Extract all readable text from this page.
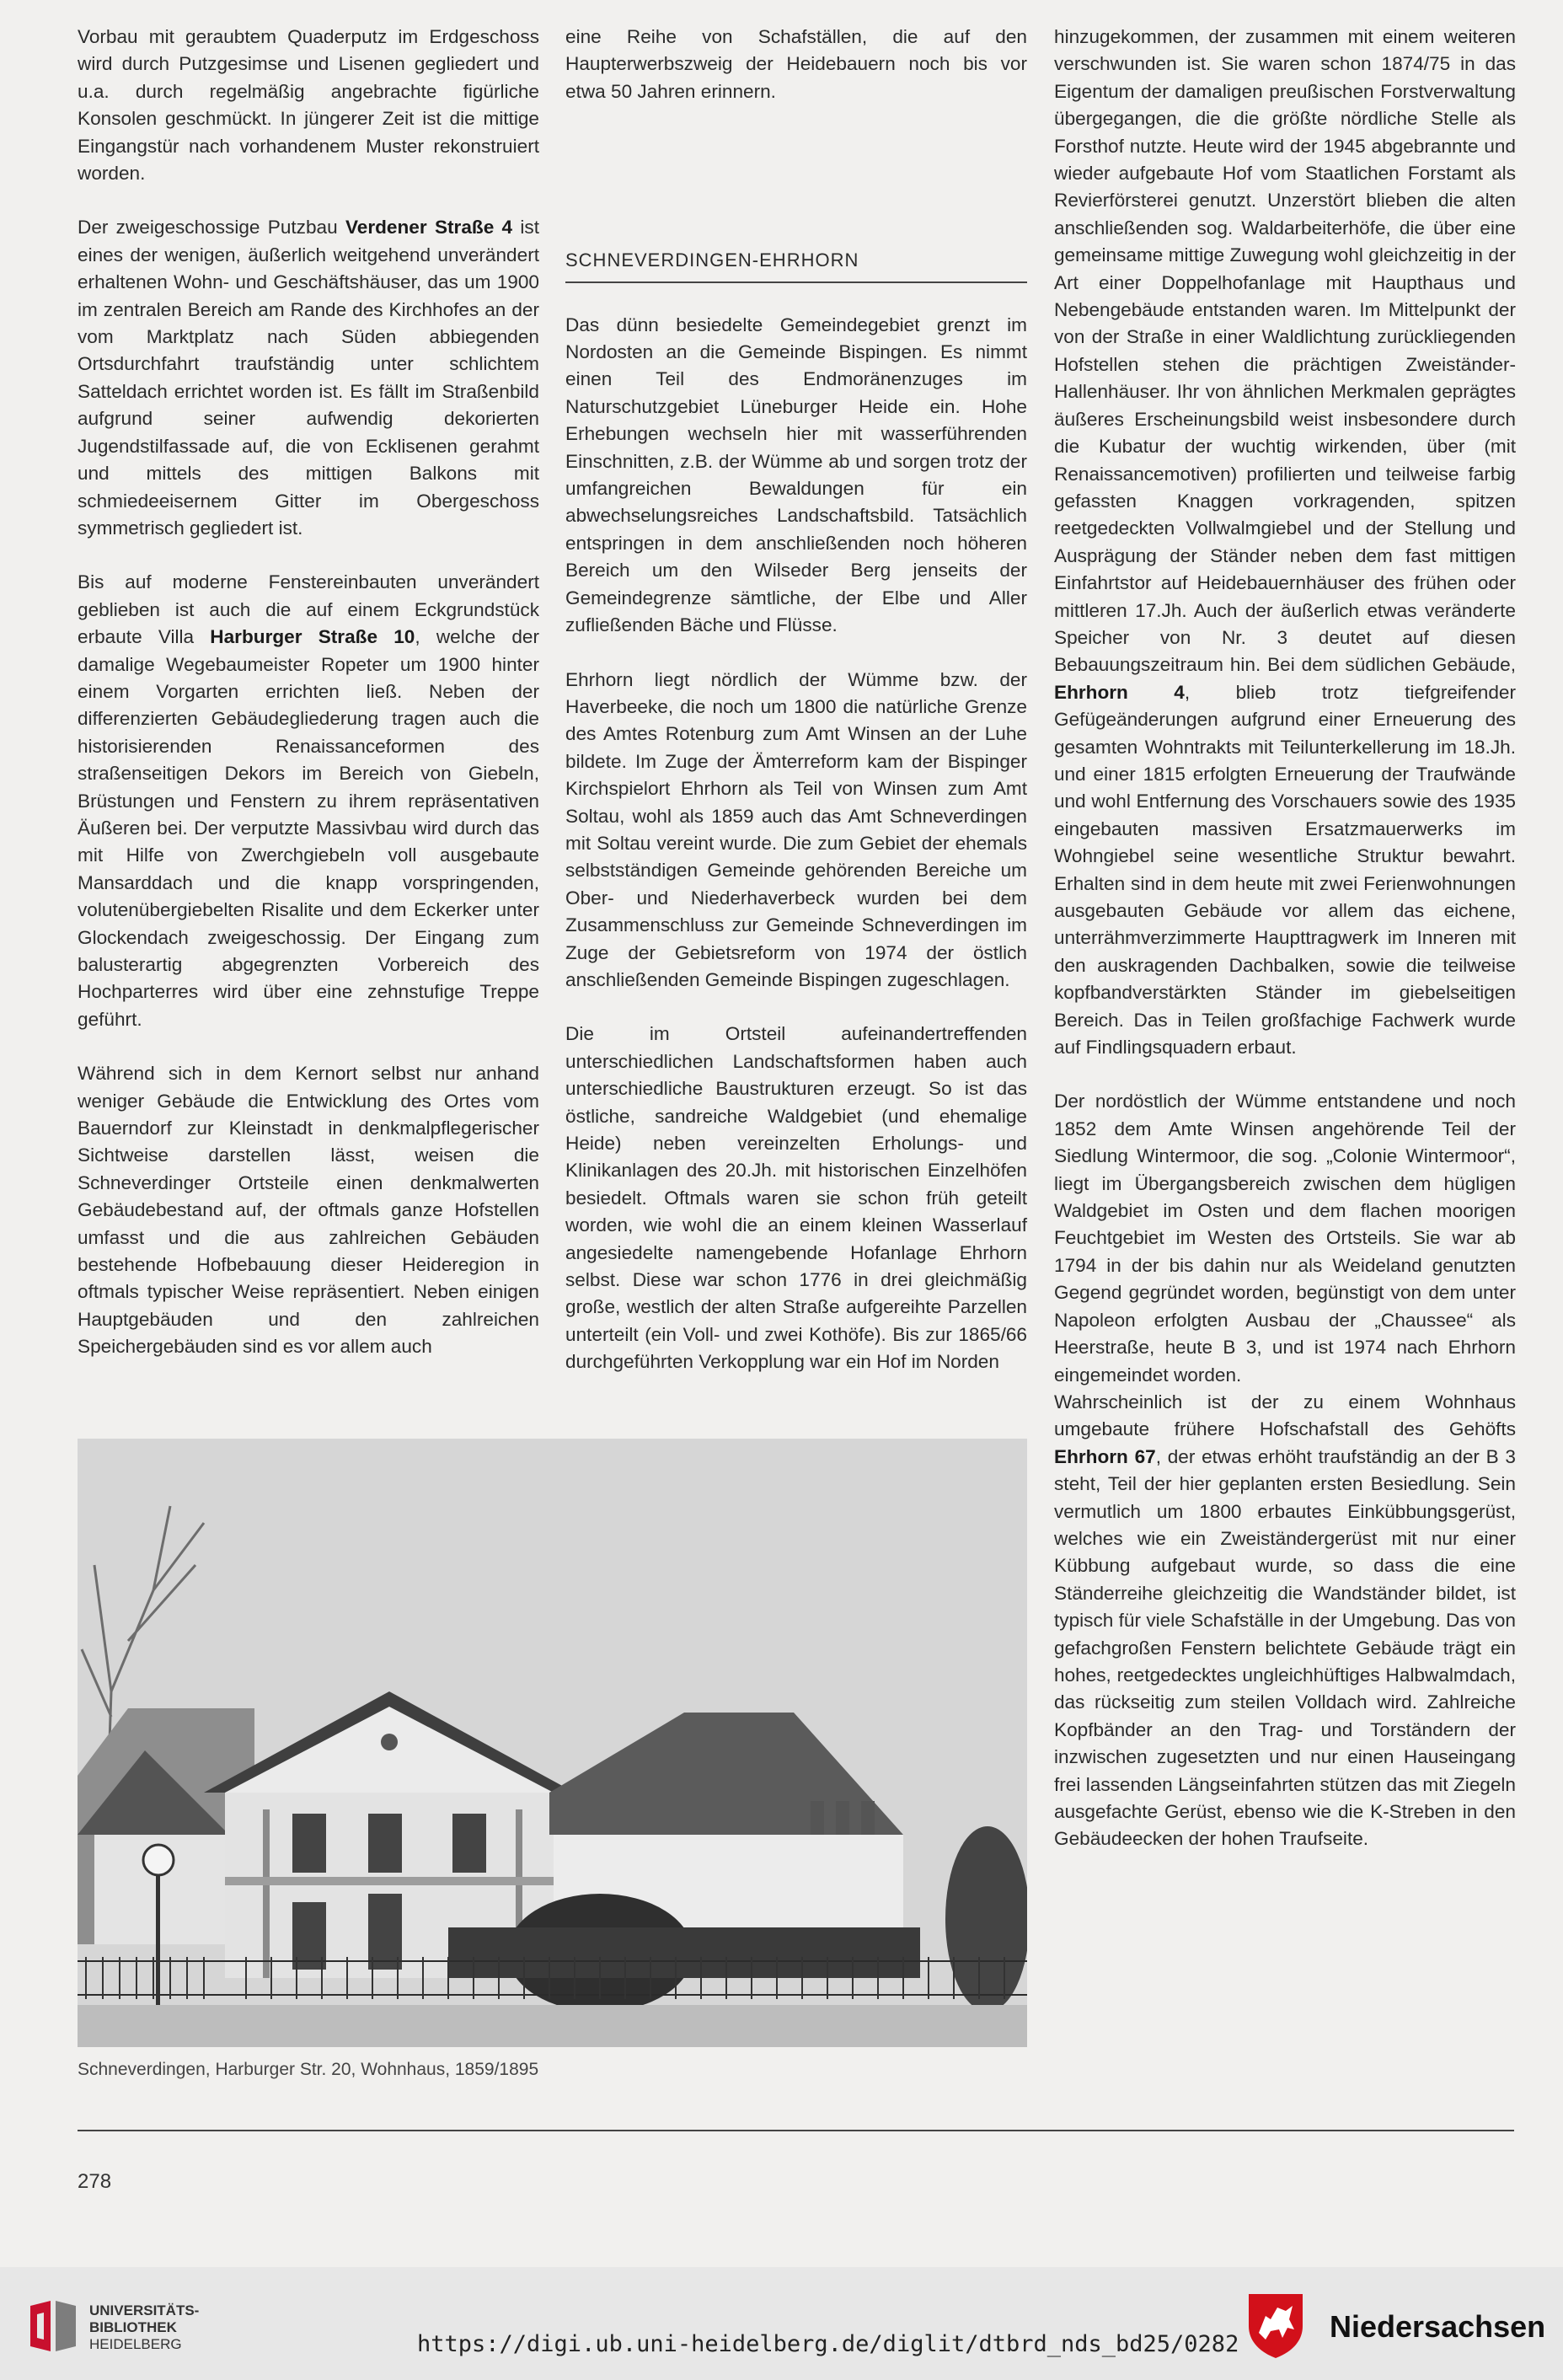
Vorbau mit geraubtem Quaderputz im Erdgeschoss wird durch Putzgesimse und Lisenen gegliedert und u.a. durch regelmäßig angebrachte figürliche Konsolen geschmückt. In jüngerer Zeit ist die mittige Eingangstür nach vorhandenem Muster rekonstruiert worden.

Der zweigeschossige Putzbau Verdener Straße 4 ist eines der wenigen, äußerlich weitgehend unverändert erhaltenen Wohn- und Geschäftshäuser, das um 1900 im zentralen Bereich am Rande des Kirchhofes an der vom Marktplatz nach Süden abbiegenden Ortsdurchfahrt traufständig unter schlichtem Satteldach errichtet worden ist. Es fällt im Straßenbild aufgrund seiner aufwendig dekorierten Jugendstilfassade auf, die von Ecklisenen gerahmt und mittels des mittigen Balkons mit schmiedeeisernem Gitter im Obergeschoss symmetrisch gegliedert ist.

Bis auf moderne Fenstereinbauten unverändert geblieben ist auch die auf einem Eckgrundstück erbaute Villa Harburger Straße 10, welche der damalige Wegebaumeister Ropeter um 1900 hinter einem Vorgarten errichten ließ. Neben der differenzierten Gebäudegliederung tragen auch die historisierenden Renaissanceformen des straßenseitigen Dekors im Bereich von Giebeln, Brüstungen und Fenstern zu ihrem repräsentativen Äußeren bei. Der verputzte Massivbau wird durch das mit Hilfe von Zwerchgiebeln voll ausgebaute Mansarddach und die knapp vorspringenden, volutenübergiebelten Risalite und dem Eckerker unter Glockendach zweigeschossig. Der Eingang zum balusterartig abgegrenzten Vorbereich des Hochparterres wird über eine zehnstufige Treppe geführt.

Während sich in dem Kernort selbst nur anhand weniger Gebäude die Entwicklung des Ortes vom Bauerndorf zur Kleinstadt in denkmalpflegerischer Sichtweise darstellen lässt, weisen die Schneverdinger Ortsteile einen denkmalwerten Gebäudebestand auf, der oftmals ganze Hofstellen umfasst und die aus zahlreichen Gebäuden bestehende Hofbebauung dieser Heideregion in oftmals typischer Weise repräsentiert. Neben einigen Hauptgebäuden und den zahlreichen Speichergebäuden sind es vor allem auch

eine Reihe von Schafställen, die auf den Haupterwerbszweig der Heidebauern noch bis vor etwa 50 Jahren erinnern.

SCHNEVERDINGEN-EHRHORN

Das dünn besiedelte Gemeindegebiet grenzt im Nordosten an die Gemeinde Bispingen. Es nimmt einen Teil des Endmoränenzuges im Naturschutzgebiet Lüneburger Heide ein. Hohe Erhebungen wechseln hier mit wasserführenden Einschnitten, z.B. der Wümme ab und sorgen trotz der umfangreichen Bewaldungen für ein abwechselungsreiches Landschaftsbild. Tatsächlich entspringen in dem anschließenden noch höheren Bereich um den Wilseder Berg jenseits der Gemeindegrenze sämtliche, der Elbe und Aller zufließenden Bäche und Flüsse.

Ehrhorn liegt nördlich der Wümme bzw. der Haverbeeke, die noch um 1800 die natürliche Grenze des Amtes Rotenburg zum Amt Winsen an der Luhe bildete. Im Zuge der Ämterreform kam der Bispinger Kirchspielort Ehrhorn als Teil von Winsen zum Amt Soltau, wohl als 1859 auch das Amt Schneverdingen mit Soltau vereint wurde. Die zum Gebiet der ehemals selbstständigen Gemeinde gehörenden Bereiche um Ober- und Niederhaverbeck wurden bei dem Zusammenschluss zur Gemeinde Schneverdingen im Zuge der Gebietsreform von 1974 der östlich anschließenden Gemeinde Bispingen zugeschlagen.

Die im Ortsteil aufeinandertreffenden unterschiedlichen Landschaftsformen haben auch unterschiedliche Baustrukturen erzeugt. So ist das östliche, sandreiche Waldgebiet (und ehemalige Heide) neben vereinzelten Erholungs- und Klinikanlagen des 20.Jh. mit historischen Einzelhöfen besiedelt. Oftmals waren sie schon früh geteilt worden, wie wohl die an einem kleinen Wasserlauf angesiedelte namengebende Hofanlage Ehrhorn selbst. Diese war schon 1776 in drei gleichmäßig große, westlich der alten Straße aufgereihte Parzellen unterteilt (ein Voll- und zwei Kothöfe). Bis zur 1865/66 durchgeführten Verkopplung war ein Hof im Norden

hinzugekommen, der zusammen mit einem weiteren verschwunden ist. Sie waren schon 1874/75 in das Eigentum der damaligen preußischen Forstverwaltung übergegangen, die die größte nördliche Stelle als Forsthof nutzte. Heute wird der 1945 abgebrannte und wieder aufgebaute Hof vom Staatlichen Forstamt als Revierförsterei genutzt. Unzerstört blieben die alten anschließenden sog. Waldarbeiterhöfe, die über eine gemeinsame mittige Zuwegung wohl gleichzeitig in der Art einer Doppelhofanlage mit Haupthaus und Nebengebäude entstanden waren. Im Mittelpunkt der von der Straße in einer Waldlichtung zurückliegenden Hofstellen stehen die prächtigen Zweiständer-Hallenhäuser. Ihr von ähnlichen Merkmalen geprägtes äußeres Erscheinungsbild weist insbesondere durch die Kubatur der wuchtig wirkenden, über (mit Renaissancemotiven) profilierten und teilweise farbig gefassten Knaggen vorkragenden, spitzen reetgedeckten Vollwalmgiebel und der Stellung und Ausprägung der Ständer neben dem fast mittigen Einfahrtstor auf Heidebauernhäuser des frühen oder mittleren 17.Jh. Auch der äußerlich etwas veränderte Speicher von Nr. 3 deutet auf diesen Bebauungszeitraum hin. Bei dem südlichen Gebäude, Ehrhorn 4, blieb trotz tiefgreifender Gefügeänderungen aufgrund einer Erneuerung des gesamten Wohntrakts mit Teilunterkellerung im 18.Jh. und einer 1815 erfolgten Erneuerung der Traufwände und wohl Entfernung des Vorschauers sowie des 1935 eingebauten massiven Ersatzmauerwerks im Wohngiebel seine wesentliche Struktur bewahrt. Erhalten sind in dem heute mit zwei Ferienwohnungen ausgebauten Gebäude vor allem das eichene, unterrähmverzimmerte Haupttragwerk im Inneren mit den auskragenden Dachbalken, sowie die teilweise kopfbandverstärkten Ständer im giebelseitigen Bereich. Das in Teilen großfachige Fachwerk wurde auf Findlingsquadern erbaut.

Der nordöstlich der Wümme entstandene und noch 1852 dem Amte Winsen angehörende Teil der Siedlung Wintermoor, die sog. „Colonie Wintermoor“, liegt im Übergangsbereich zwischen dem hügligen Waldgebiet im Osten und dem flachen moorigen Feuchtgebiet im Westen des Ortsteils. Sie war ab 1794 in der bis dahin nur als Weideland genutzten Gegend gegründet worden, begünstigt von dem unter Napoleon erfolgten Ausbau der „Chaussee“ als Heerstraße, heute B 3, und ist 1974 nach Ehrhorn eingemeindet worden.

Wahrscheinlich ist der zu einem Wohnhaus umgebaute frühere Hofschafstall des Gehöfts Ehrhorn 67, der etwas erhöht traufständig an der B 3 steht, Teil der hier geplanten ersten Besiedlung. Sein vermutlich um 1800 erbautes Einkübbungsgerüst, welches wie ein Zweiständergerüst mit nur einer Kübbung aufgebaut wurde, so dass die eine Ständerreihe gleichzeitig die Wandständer bildet, ist typisch für viele Schafställe in der Umgebung. Das von gefachgroßen Fenstern belichtete Gebäude trägt ein hohes, reetgedecktes ungleichhüftiges Halbwalmdach, das rückseitig zum steilen Volldach wird. Zahlreiche Kopfbänder an den Trag- und Torständern der inzwischen zugesetzten und nur einen Hauseingang frei lassenden Längseinfahrten stützen das mit Ziegeln ausgefachte Gerüst, ebenso wie die K-Streben in den Gebäudeecken der hohen Traufseite.

Schneverdingen, Harburger Str. 20, Wohnhaus, 1859/1895
278
UNIVERSITÄTS-
BIBLIOTHEK
HEIDELBERG	https://digi.ub.uni-heidelberg.de/diglit/dtbrd_nds_bd25/0282
Niedersachsen
